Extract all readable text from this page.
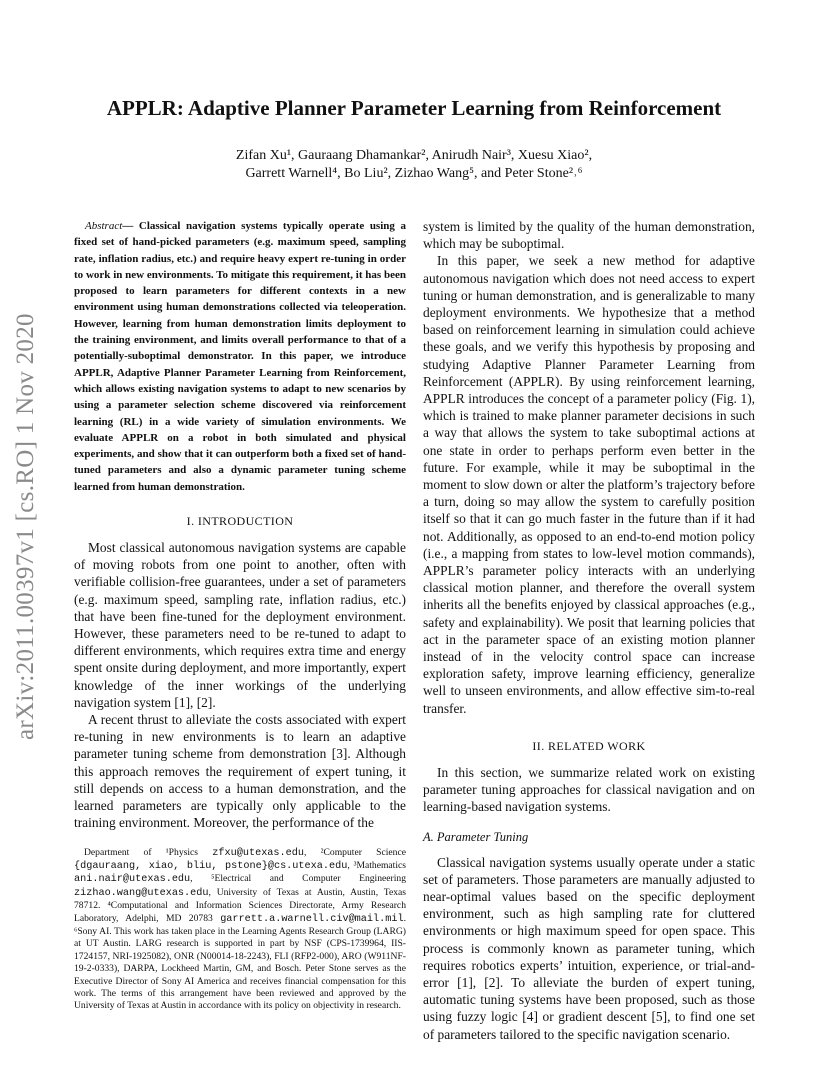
APPLR: Adaptive Planner Parameter Learning from Reinforcement
Zifan Xu¹, Gauraang Dhamankar², Anirudh Nair³, Xuesu Xiao²,
Garrett Warnell⁴, Bo Liu², Zizhao Wang⁵, and Peter Stone²˒⁶
arXiv:2011.00397v1 [cs.RO] 1 Nov 2020

Abstract— Classical navigation systems typically operate using a fixed set of hand-picked parameters (e.g. maximum speed, sampling rate, inflation radius, etc.) and require heavy expert re-tuning in order to work in new environments. To mitigate this requirement, it has been proposed to learn parameters for different contexts in a new environment using human demonstrations collected via teleoperation. However, learning from human demonstration limits deployment to the training environment, and limits overall performance to that of a potentially-suboptimal demonstrator. In this paper, we introduce APPLR, Adaptive Planner Parameter Learning from Reinforcement, which allows existing navigation systems to adapt to new scenarios by using a parameter selection scheme discovered via reinforcement learning (RL) in a wide variety of simulation environments. We evaluate APPLR on a robot in both simulated and physical experiments, and show that it can outperform both a fixed set of hand-tuned parameters and also a dynamic parameter tuning scheme learned from human demonstration.

I. INTRODUCTION

Most classical autonomous navigation systems are capable of moving robots from one point to another, often with verifiable collision-free guarantees, under a set of parameters (e.g. maximum speed, sampling rate, inflation radius, etc.) that have been fine-tuned for the deployment environment. However, these parameters need to be re-tuned to adapt to different environments, which requires extra time and energy spent onsite during deployment, and more importantly, expert knowledge of the inner workings of the underlying navigation system [1], [2].

A recent thrust to alleviate the costs associated with expert re-tuning in new environments is to learn an adaptive parameter tuning scheme from demonstration [3]. Although this approach removes the requirement of expert tuning, it still depends on access to a human demonstration, and the learned parameters are typically only applicable to the training environment. Moreover, the performance of the

Department of ¹Physics zfxu@utexas.edu, ²Computer Science {dgauraang, xiao, bliu, pstone}@cs.utexa.edu, ³Mathematics ani.nair@utexas.edu, ⁵Electrical and Computer Engineering zizhao.wang@utexas.edu, University of Texas at Austin, Austin, Texas 78712. ⁴Computational and Information Sciences Directorate, Army Research Laboratory, Adelphi, MD 20783 garrett.a.warnell.civ@mail.mil. ⁶Sony AI. This work has taken place in the Learning Agents Research Group (LARG) at UT Austin. LARG research is supported in part by NSF (CPS-1739964, IIS-1724157, NRI-1925082), ONR (N00014-18-2243), FLI (RFP2-000), ARO (W911NF-19-2-0333), DARPA, Lockheed Martin, GM, and Bosch. Peter Stone serves as the Executive Director of Sony AI America and receives financial compensation for this work. The terms of this arrangement have been reviewed and approved by the University of Texas at Austin in accordance with its policy on objectivity in research.

system is limited by the quality of the human demonstration, which may be suboptimal.

In this paper, we seek a new method for adaptive autonomous navigation which does not need access to expert tuning or human demonstration, and is generalizable to many deployment environments. We hypothesize that a method based on reinforcement learning in simulation could achieve these goals, and we verify this hypothesis by proposing and studying Adaptive Planner Parameter Learning from Reinforcement (APPLR). By using reinforcement learning, APPLR introduces the concept of a parameter policy (Fig. 1), which is trained to make planner parameter decisions in such a way that allows the system to take suboptimal actions at one state in order to perhaps perform even better in the future. For example, while it may be suboptimal in the moment to slow down or alter the platform’s trajectory before a turn, doing so may allow the system to carefully position itself so that it can go much faster in the future than if it had not. Additionally, as opposed to an end-to-end motion policy (i.e., a mapping from states to low-level motion commands), APPLR’s parameter policy interacts with an underlying classical motion planner, and therefore the overall system inherits all the benefits enjoyed by classical approaches (e.g., safety and explainability). We posit that learning policies that act in the parameter space of an existing motion planner instead of in the velocity control space can increase exploration safety, improve learning efficiency, generalize well to unseen environments, and allow effective sim-to-real transfer.

II. RELATED WORK

In this section, we summarize related work on existing parameter tuning approaches for classical navigation and on learning-based navigation systems.

A. Parameter Tuning

Classical navigation systems usually operate under a static set of parameters. Those parameters are manually adjusted to near-optimal values based on the specific deployment environment, such as high sampling rate for cluttered environments or high maximum speed for open space. This process is commonly known as parameter tuning, which requires robotics experts’ intuition, experience, or trial-and-error [1], [2]. To alleviate the burden of expert tuning, automatic tuning systems have been proposed, such as those using fuzzy logic [4] or gradient descent [5], to find one set of parameters tailored to the specific navigation scenario.
